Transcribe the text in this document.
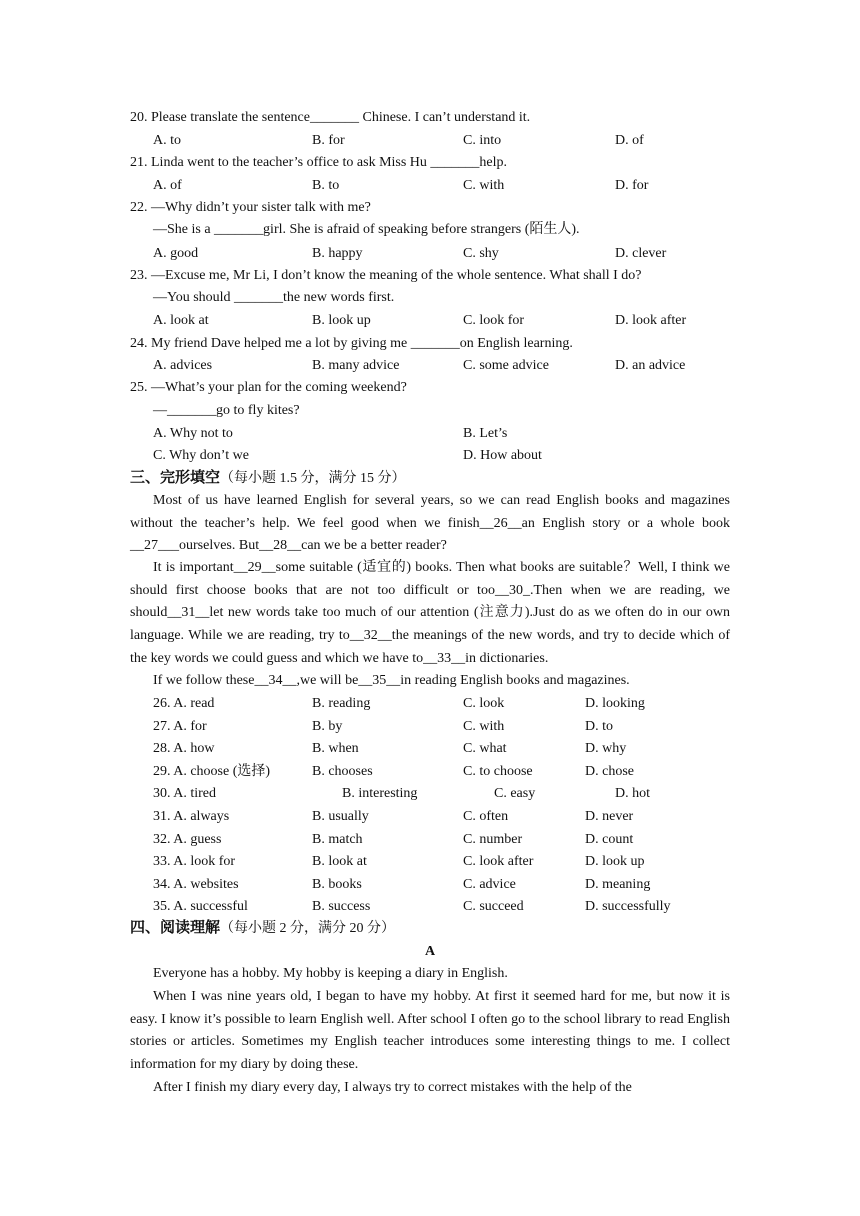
20. Please translate the sentence_______ Chinese. I can’t understand it.
A. to	B. for	C. into	D. of
21. Linda went to the teacher’s office to ask Miss Hu _______help.
A. of	B. to	C. with	D. for
22. —Why didn’t your sister talk with me?
—She is a _______girl. She is afraid of speaking before strangers (陌生人).
A. good	B. happy	C. shy	D. clever
23. —Excuse me, Mr Li, I don’t know the meaning of the whole sentence. What shall I do?
—You should _______the new words first.
A. look at	B. look up	C. look for	D. look after
24. My friend Dave helped me a lot by giving me _______on English learning.
A. advices	B. many advice	C. some advice	D. an advice
25. —What’s your plan for the coming weekend?
—_______go to fly kites?
A. Why not to	B. Let’s
C. Why don’t we	D. How about
三、完形填空（每小题 1.5 分，满分 15 分）
Most of us have learned English for several years, so we can read English books and magazines without the teacher’s help. We feel good when we finish__26__an English story or a whole book __27___ourselves. But__28__can we be a better reader?
It is important__29__some suitable (适宜的) books. Then what books are suitable？Well, I think we should first choose books that are not too difficult or too__30_.Then when we are reading, we should__31__let new words take too much of our attention (注意力).Just do as we often do in our own language. While we are reading, try to__32__the meanings of the new words, and try to decide which of the key words we could guess and which we have to__33__in dictionaries.
If we follow these__34__,we will be__35__in reading English books and magazines.
26. A. read	B. reading	C. look	D. looking
27. A. for	B. by	C. with	D. to
28. A. how	B. when	C. what	D. why
29. A. choose (选择)	B. chooses	C. to choose	D. chose
30. A. tired	B. interesting	C. easy	D. hot
31. A. always	B. usually	C. often	D. never
32. A. guess	B. match	C. number	D. count
33. A. look for	B. look at	C. look after	D. look up
34. A. websites	B. books	C. advice	D. meaning
35. A. successful	B. success	C. succeed	D. successfully
四、阅读理解（每小题 2 分，满分 20 分）
A
Everyone has a hobby. My hobby is keeping a diary in English.
When I was nine years old, I began to have my hobby. At first it seemed hard for me, but now it is easy. I know it’s possible to learn English well. After school I often go to the school library to read English stories or articles. Sometimes my English teacher introduces some interesting things to me. I collect information for my diary by doing these.
After I finish my diary every day, I always try to correct mistakes with the help of the
